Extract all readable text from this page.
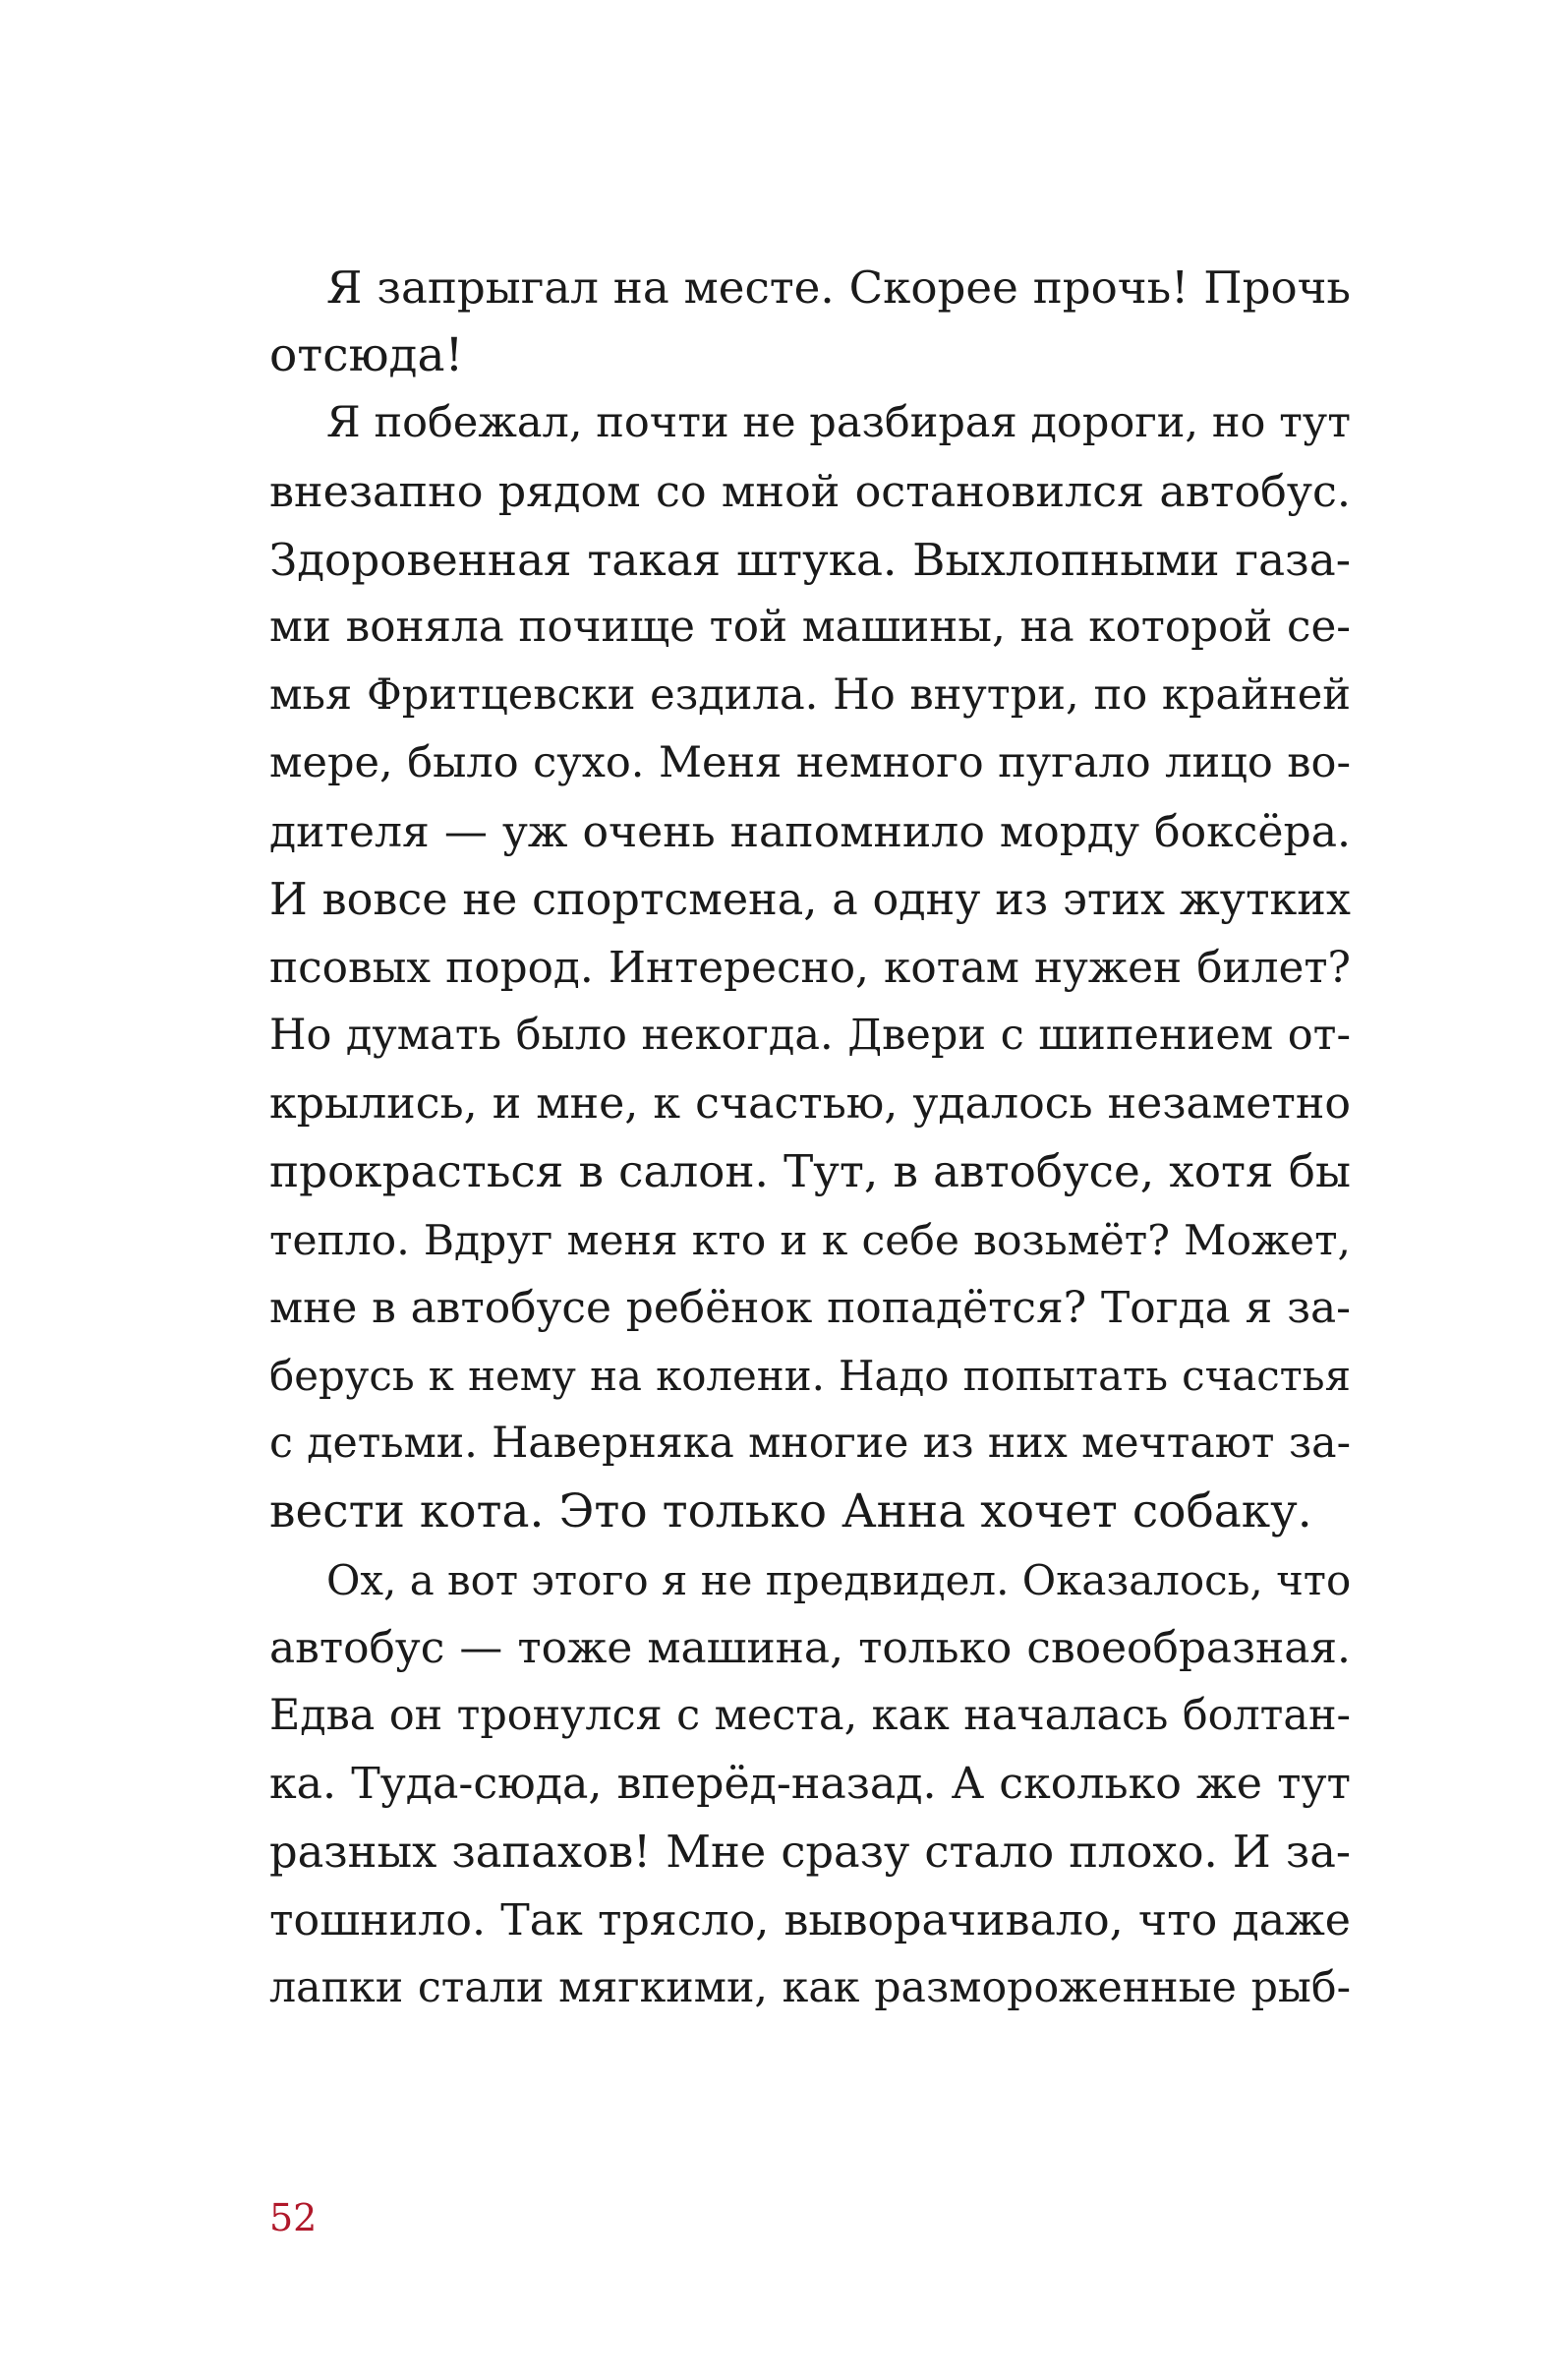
Я запрыгал на месте. Скорее прочь! Прочь
отсюда!
Я побежал, почти не разбирая дороги, но тут
внезапно рядом со мной остановился автобус.
Здоровенная такая штука. Выхлопными газа-
ми воняла почище той машины, на которой се-
мья Фритцевски ездила. Но внутри, по крайней
мере, было сухо. Меня немного пугало лицо во-
дителя — уж очень напомнило морду боксёра.
И вовсе не спортсмена, а одну из этих жутких
псовых пород. Интересно, котам нужен билет?
Но думать было некогда. Двери с шипением от-
крылись, и мне, к счастью, удалось незаметно
прокрасться в салон. Тут, в автобусе, хотя бы
тепло. Вдруг меня кто и к себе возьмёт? Может,
мне в автобусе ребёнок попадётся? Тогда я за-
берусь к нему на колени. Надо попытать счастья
с детьми. Наверняка многие из них мечтают за-
вести кота. Это только Анна хочет собаку.
Ох, а вот этого я не предвидел. Оказалось, что
автобус — тоже машина, только своеобразная.
Едва он тронулся с места, как началась болтан-
ка. Туда-сюда, вперёд-назад. А сколько же тут
разных запахов! Мне сразу стало плохо. И за-
тошнило. Так трясло, выворачивало, что даже
лапки стали мягкими, как размороженные рыб-
52
